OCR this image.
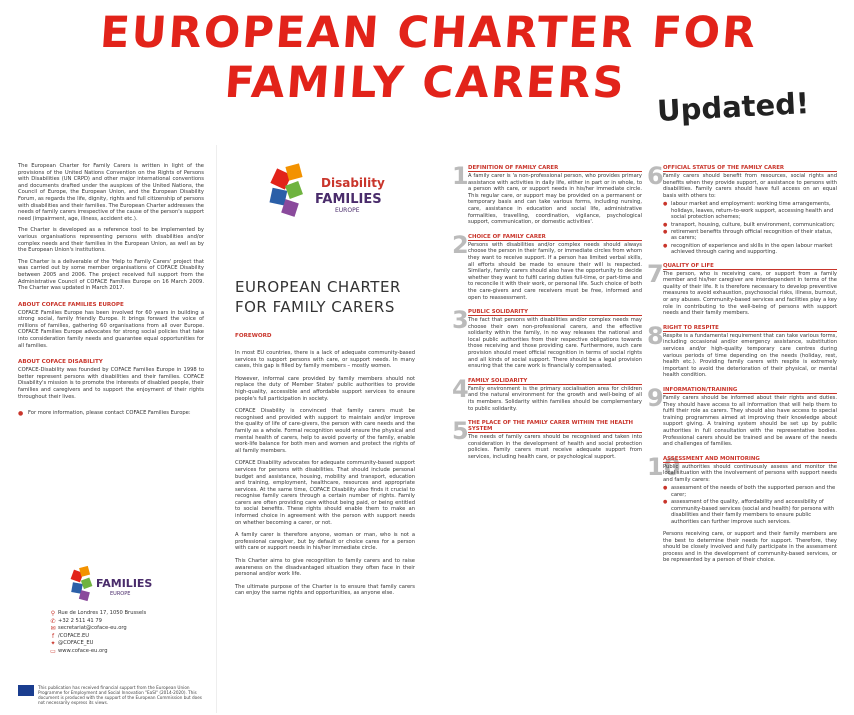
EUROPEAN CHARTER FOR FAMILY CARERS Updated!

The European Charter for Family Carers is written in light of the provisions of the United Nations Convention on the Rights of Persons with Disabilities (UN CRPD) and other major international conventions and documents drafted under the auspices of the United Nations, the Council of Europe, the European Union, and the European Disability Forum, as regards the life, dignity, rights and full citizenship of persons with disabilities and their families. The European Charter addresses the needs of family carers irrespective of the cause of the person's support need (impairment, age, illness, accident etc.).

The Charter is developed as a reference tool to be implemented by various organisations representing persons with disabilities and/or complex needs and their families in the European Union, as well as by the European Union's institutions.

The Charter is a deliverable of the 'Help to Family Carers' project that was carried out by some member organisations of COFACE Disability between 2005 and 2006. The project received full support from the Administrative Council of COFACE Families Europe on 16 March 2009. The Charter was updated in March 2017.

ABOUT COFACE FAMILIES EUROPE

COFACE Families Europe has been involved for 60 years in building a strong social, family friendly Europe. It brings forward the voice of millions of families, gathering 60 organisations from all over Europe. COFACE Families Europe advocates for strong social policies that take into consideration family needs and guarantee equal opportunities for all families.

ABOUT COFACE DISABILITY

COFACE-Disability was founded by COFACE Families Europe in 1998 to better represent persons with disabilities and their families. COFACE Disability's mission is to promote the interests of disabled people, their families and caregivers and to support the enjoyment of their rights throughout their lives.

● For more information, please contact COFACE Families Europe:
FAMILIES
EUROPE
⚲ Rue de Londres 17, 1050 Brussels
✆ +32 2 511 41 79
✉ secretariat@coface-eu.org
f /COFACE.EU
✦ @COFACE_EU
▭ www.coface-eu.org
This publication has received financial support from the European Union Programme for Employment and Social Innovation "EaSI" (2014-2020). This document is produced with the support of the European Commission but does not necessarily express its views.
Disability
FAMILIES
EUROPE
EUROPEAN CHARTER FOR FAMILY CARERS
FOREWORD

In most EU countries, there is a lack of adequate community-based services to support persons with care, or support needs. In many cases, this gap is filled by family members – mostly women.

However, informal care provided by family members should not replace the duty of Member States' public authorities to provide high-quality, accessible and affordable support services to ensure people's full participation in society.

COFACE Disability is convinced that family carers must be recognised and provided with support to maintain and/or improve the quality of life of care-givers, the person with care needs and the family as a whole. Formal recognition would ensure the physical and mental health of carers, help to avoid poverty of the family, enable work-life balance for both men and women and protect the rights of all family members.

COFACE Disability advocates for adequate community-based support services for persons with disabilities. That should include personal budget and assistance, housing, mobility and transport, education and training, employment, healthcare, resources and appropriate services. At the same time, COFACE Disability also finds it crucial to recognise family carers through a certain number of rights. Family carers are often providing care without being paid, or being entitled to social benefits. These rights should enable them to make an informed choice in agreement with the person with support needs on whether becoming a carer, or not.

A family carer is therefore anyone, woman or man, who is not a professional caregiver, but by default or choice cares for a person with care or support needs in his/her immediate circle.

This Charter aims to give recognition to family carers and to raise awareness on the disadvantaged situation they often face in their personal and/or work life.

The ultimate purpose of the Charter is to ensure that family carers can enjoy the same rights and opportunities, as anyone else.

1 DEFINITION OF FAMILY CARER

A family carer is 'a non-professional person, who provides primary assistance with activities in daily life, either in part or in whole, to a person with care, or support needs in his/her immediate circle. This regular care, or support may be provided on a permanent or temporary basis and can take various forms, including nursing, care, assistance in education and social life, administrative formalities, travelling, coordination, vigilance, psychological support, communication, or domestic activities'.

2 CHOICE OF FAMILY CARER

Persons with disabilities and/or complex needs should always choose the person in their family, or immediate circles from whom they want to receive support. If a person has limited verbal skills, all efforts should be made to ensure their will is respected. Similarly, family carers should also have the opportunity to decide whether they want to fulfil caring duties full-time, or part-time and to reconcile it with their work, or personal life. Such choice of both the care-givers and care receivers must be free, informed and open to reassessment.

3 PUBLIC SOLIDARITY

The fact that persons with disabilities and/or complex needs may choose their own non-professional carers, and the effective solidarity within the family, in no way releases the national and local public authorities from their respective obligations towards those receiving and those providing care. Furthermore, such care provision should meet official recognition in terms of social rights and all kinds of social support. There should be a legal provision ensuring that the care work is financially compensated.

4 FAMILY SOLIDARITY

Family environment is the primary socialisation area for children and the natural environment for the growth and well-being of all its members. Solidarity within families should be complementary to public solidarity.

5 THE PLACE OF THE FAMILY CARER WITHIN THE HEALTH SYSTEM

The needs of family carers should be recognised and taken into consideration in the development of health and social protection policies. Family carers must receive adequate support from services, including health care, or psychological support.

6 OFFICIAL STATUS OF THE FAMILY CARER

Family carers should benefit from resources, social rights and benefits when they provide support, or assistance to persons with disabilities. Family carers should have full access on an equal basis with others to:

● labour market and employment: working time arrangements, holidays, leaves, return-to-work support, accessing health and social protection schemes;
● transport, housing, culture, built environment, communication;
● retirement benefits through official recognition of their status, as carers;
● recognition of experience and skills in the open labour market achieved through caring and supporting.
7 QUALITY OF LIFE

The person, who is receiving care, or support from a family member and his/her caregiver are interdependent in terms of the quality of their life. It is therefore necessary to develop preventive measures to avoid exhaustion, psychosocial risks, illness, burnout, or any abuses. Community-based services and facilities play a key role in contributing to the well-being of persons with support needs and their family members.

8 RIGHT TO RESPITE

Respite is a fundamental requirement that can take various forms, including occasional and/or emergency assistance, substitution services and/or high-quality temporary care centres during various periods of time depending on the needs (holiday, rest, health etc.). Providing family carers with respite is extremely important to avoid the deterioration of their physical, or mental health condition.

9 INFORMATION/TRAINING

Family carers should be informed about their rights and duties. They should have access to all information that will help them to fulfil their role as carers. They should also have access to special training programmes aimed at improving their knowledge about support giving. A training system should be set up by public authorities in full consultation with the representative bodies. Professional carers should be trained and be aware of the needs and challenges of families.

10
ASSESSMENT AND MONITORING

Public authorities should continuously assess and monitor the local situation with the involvement of persons with support needs and family carers:

● assessment of the needs of both the supported person and the carer;
● assessment of the quality, affordability and accessibility of community-based services (social and health) for persons with disabilities and their family members to ensure public authorities can further improve such services.

Persons receiving care, or support and their family members are the best to determine their needs for support. Therefore, they should be closely involved and fully participate in the assessment process and in the development of community-based services, or be represented by a person of their choice.
